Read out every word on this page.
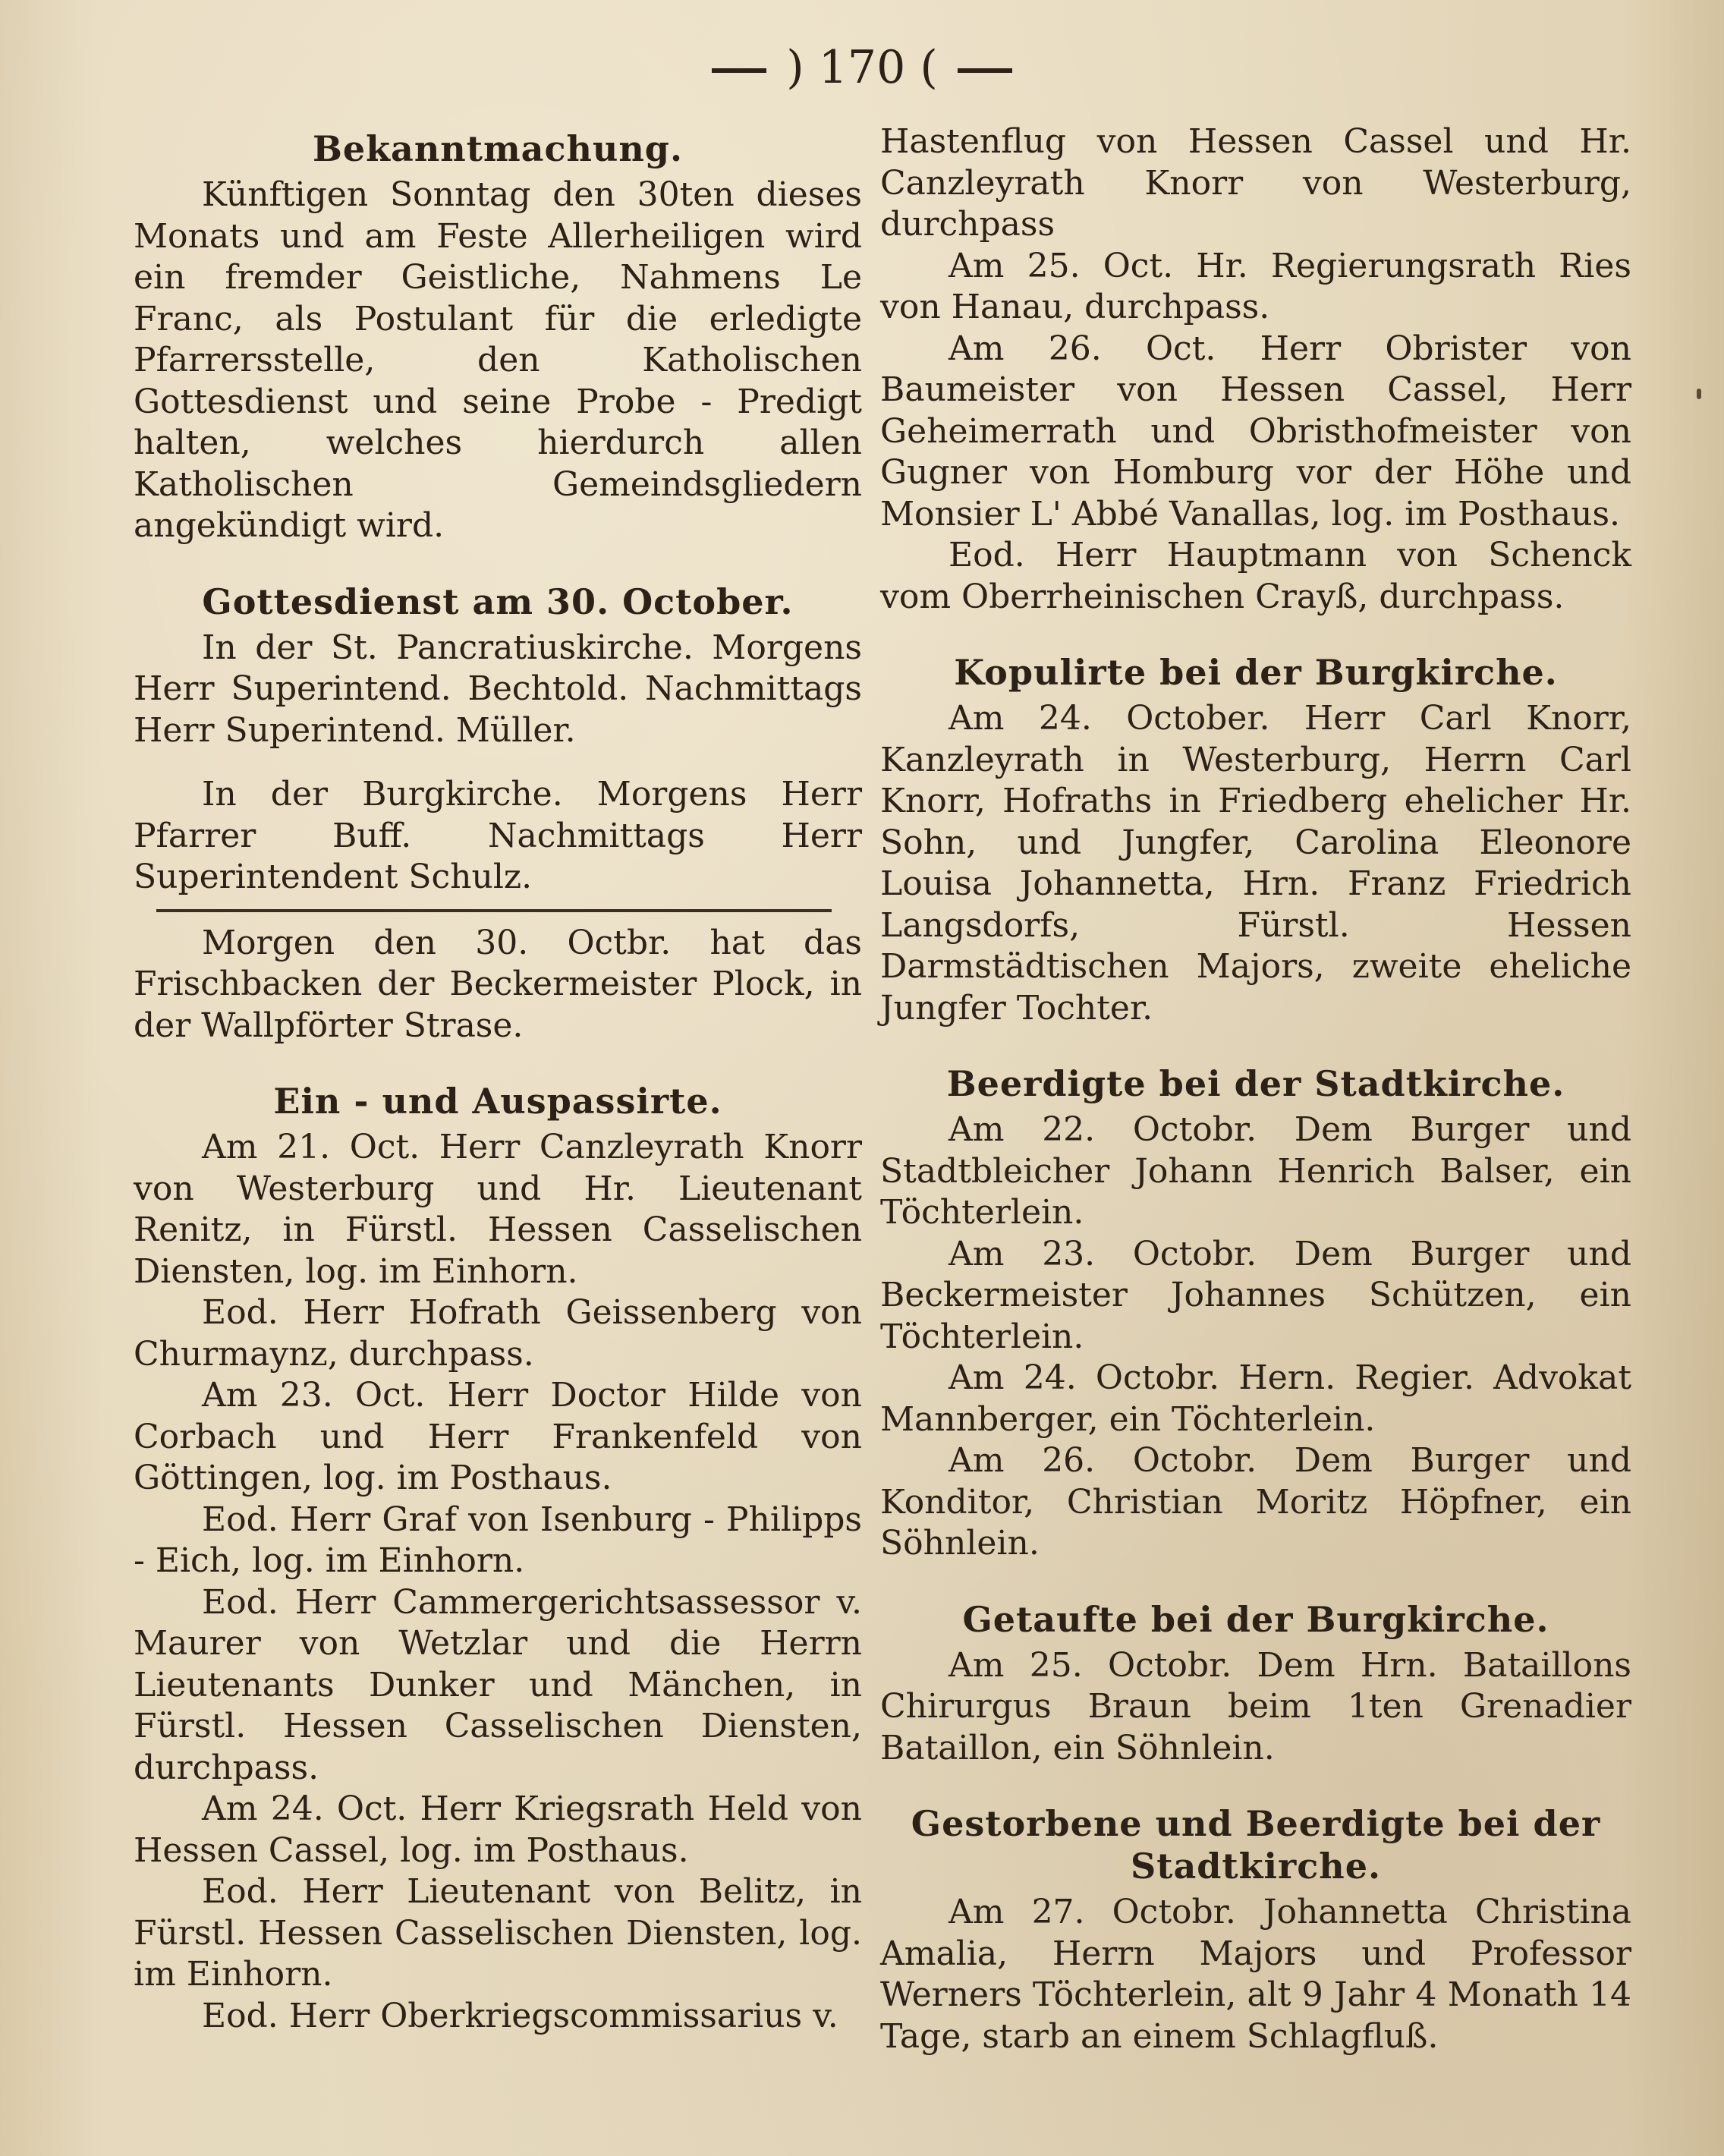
) 170 (
Bekanntmachung.

Künftigen Sonntag den 30ten dieses Monats und am Feste Allerheiligen wird ein fremder Geistliche, Nahmens Le Franc, als Postulant für die erledigte Pfarrersstelle, den Katholischen Gottesdienst und seine Probe - Predigt halten, welches hierdurch allen Katholischen Gemeindsgliedern angekündigt wird.

Gottesdienst am 30. October.

In der St. Pancratiuskirche. Morgens Herr Superintend. Bechtold. Nachmittags Herr Superintend. Müller.

In der Burgkirche. Morgens Herr Pfarrer Buff. Nachmittags Herr Superintendent Schulz.

Morgen den 30. Octbr. hat das Frischbacken der Beckermeister Plock, in der Wallpförter Strase.

Ein - und Auspassirte.

Am 21. Oct. Herr Canzleyrath Knorr von Westerburg und Hr. Lieutenant Renitz, in Fürstl. Hessen Casselischen Diensten, log. im Einhorn.

Eod. Herr Hofrath Geissenberg von Churmaynz, durchpass.

Am 23. Oct. Herr Doctor Hilde von Corbach und Herr Frankenfeld von Göttingen, log. im Posthaus.

Eod. Herr Graf von Isenburg - Philipps - Eich, log. im Einhorn.

Eod. Herr Cammergerichtsassessor v. Maurer von Wetzlar und die Herrn Lieutenants Dunker und Mänchen, in Fürstl. Hessen Casselischen Diensten, durchpass.

Am 24. Oct. Herr Kriegsrath Held von Hessen Cassel, log. im Posthaus.

Eod. Herr Lieutenant von Belitz, in Fürstl. Hessen Casselischen Diensten, log. im Einhorn.

Eod. Herr Oberkriegscommissarius v.

Hastenflug von Hessen Cassel und Hr. Canzleyrath Knorr von Westerburg, durchpass

Am 25. Oct. Hr. Regierungsrath Ries von Hanau, durchpass.

Am 26. Oct. Herr Obrister von Baumeister von Hessen Cassel, Herr Geheimerrath und Obristhofmeister von Gugner von Homburg vor der Höhe und Monsier L' Abbé Vanallas, log. im Posthaus.

Eod. Herr Hauptmann von Schenck vom Oberrheinischen Crayß, durchpass.

Kopulirte bei der Burgkirche.

Am 24. October. Herr Carl Knorr, Kanzleyrath in Westerburg, Herrn Carl Knorr, Hofraths in Friedberg ehelicher Hr. Sohn, und Jungfer, Carolina Eleonore Louisa Johannetta, Hrn. Franz Friedrich Langsdorfs, Fürstl. Hessen Darmstädtischen Majors, zweite eheliche Jungfer Tochter.

Beerdigte bei der Stadtkirche.

Am 22. Octobr. Dem Burger und Stadtbleicher Johann Henrich Balser, ein Töchterlein.

Am 23. Octobr. Dem Burger und Beckermeister Johannes Schützen, ein Töchterlein.

Am 24. Octobr. Hern. Regier. Advokat Mannberger, ein Töchterlein.

Am 26. Octobr. Dem Burger und Konditor, Christian Moritz Höpfner, ein Söhnlein.

Getaufte bei der Burgkirche.

Am 25. Octobr. Dem Hrn. Bataillons Chirurgus Braun beim 1ten Grenadier Bataillon, ein Söhnlein.

Gestorbene und Beerdigte bei der Stadtkirche.

Am 27. Octobr. Johannetta Christina Amalia, Herrn Majors und Professor Werners Töchterlein, alt 9 Jahr 4 Monath 14 Tage, starb an einem Schlagfluß.
